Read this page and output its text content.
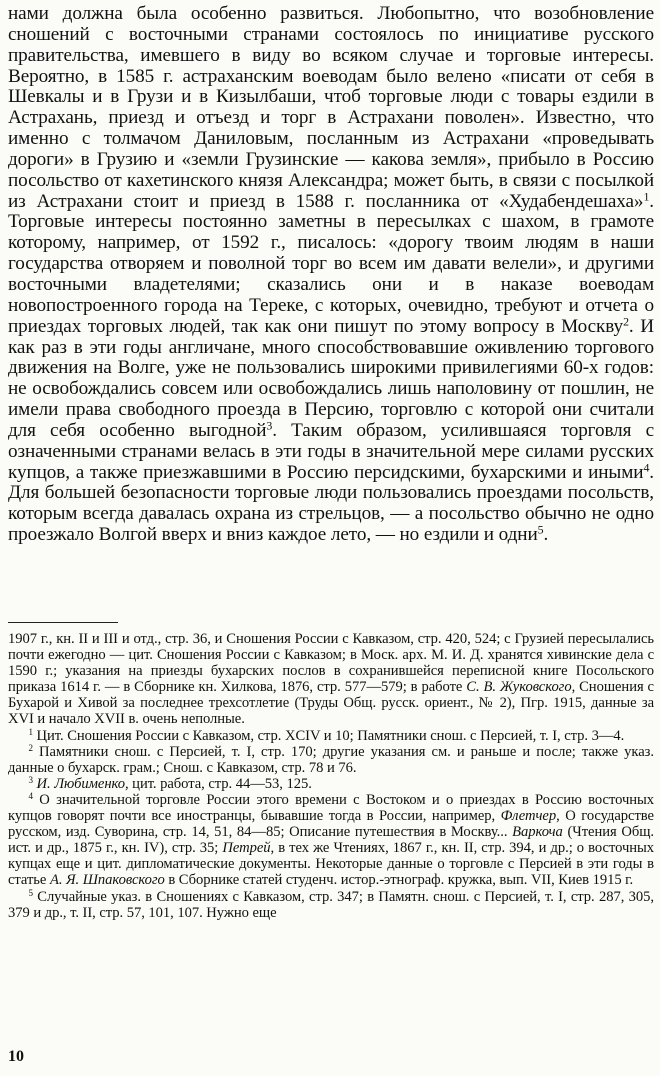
нами должна была особенно развиться. Любопытно, что возобновление сношений с восточными странами состоялось по инициативе русского правительства, имевшего в виду во всяком случае и торговые интересы. Вероятно, в 1585 г. астраханским воеводам было велено «писати от себя в Шевкалы и в Грузи и в Кизылбаши, чтоб торговые люди с товары ездили в Астрахань, приезд и отъезд и торг в Астрахани поволен». Известно, что именно с толмачом Даниловым, посланным из Астрахани «проведывать дороги» в Грузию и «земли Грузинские — какова земля», прибыло в Россию посольство от кахетинского князя Александра; может быть, в связи с посылкой из Астрахани стоит и приезд в 1588 г. посланника от «Худабендешаха»$^1$. Торговые интересы постоянно заметны в пересылках с шахом, в грамоте которому, например, от 1592 г., писалось: «дорогу твоим людям в наши государства отворяем и поволной торг во всем им давати велели», и другими восточными владетелями; сказались они и в наказе воеводам новопостроенного города на Тереке, с которых, очевидно, требуют и отчета о приездах торговых людей, так как они пишут по этому вопросу в Москву$^2$. И как раз в эти годы англичане, много способствовавшие оживлению торгового движения на Волге, уже не пользовались широкими привилегиями 60-х годов: не освобождались совсем или освобождались лишь наполовину от пошлин, не имели права свободного проезда в Персию, торговлю с которой они считали для себя особенно выгодной$^3$. Таким образом, усилившаяся торговля с означенными странами велась в эти годы в значительной мере силами русских купцов, а также приезжавшими в Россию персидскими, бухарскими и иными$^4$. Для большей безопасности торговые люди пользовались проездами посольств, которым всегда давалась охрана из стрельцов, — а посольство обычно не одно проезжало Волгой вверх и вниз каждое лето, — но ездили и одни$^5$.

1907 г., кн. II и III и отд., стр. 36, и Сношения России с Кавказом, стр. 420, 524; с Грузией пересылались почти ежегодно — цит. Сношения России с Кавказом; в Моск. арх. М. И. Д. хранятся хивинские дела с 1590 г.; указания на приезды бухарских послов в сохранившейся переписной книге Посольского приказа 1614 г. — в Сборнике кн. Хилкова, 1876, стр. 577—579; в работе С. В. Жуковского, Сношения с Бухарой и Хивой за последнее трехсотлетие (Труды Общ. русск. ориент., № 2), Пгр. 1915, данные за XVI и начало XVII в. очень неполные.

$^1$ Цит. Сношения России с Кавказом, стр. XCIV и 10; Памятники снош. с Персией, т. I, стр. 3—4.

$^2$ Памятники снош. с Персией, т. I, стр. 170; другие указания см. и раньше и после; также указ. данные о бухарск. грам.; Снош. с Кавказом, стр. 78 и 76.

$^3$ И. Любименко, цит. работа, стр. 44—53, 125.

$^4$ О значительной торговле России этого времени с Востоком и о приездах в Россию восточных купцов говорят почти все иностранцы, бывавшие тогда в России, например, Флетчер, О государстве русском, изд. Суворина, стр. 14, 51, 84—85; Описание путешествия в Москву... Варкоча (Чтения Общ. ист. и др., 1875 г., кн. IV), стр. 35; Петрей, в тех же Чтениях, 1867 г., кн. II, стр. 394, и др.; о восточных купцах еще и цит. дипломатические документы. Некоторые данные о торговле с Персией в эти годы в статье А. Я. Шпаковского в Сборнике статей студенч. истор.-этнограф. кружка, вып. VII, Киев 1915 г.

$^5$ Случайные указ. в Сношениях с Кавказом, стр. 347; в Памятн. снош. с Персией, т. I, стр. 287, 305, 379 и др., т. II, стр. 57, 101, 107. Нужно еще

10
